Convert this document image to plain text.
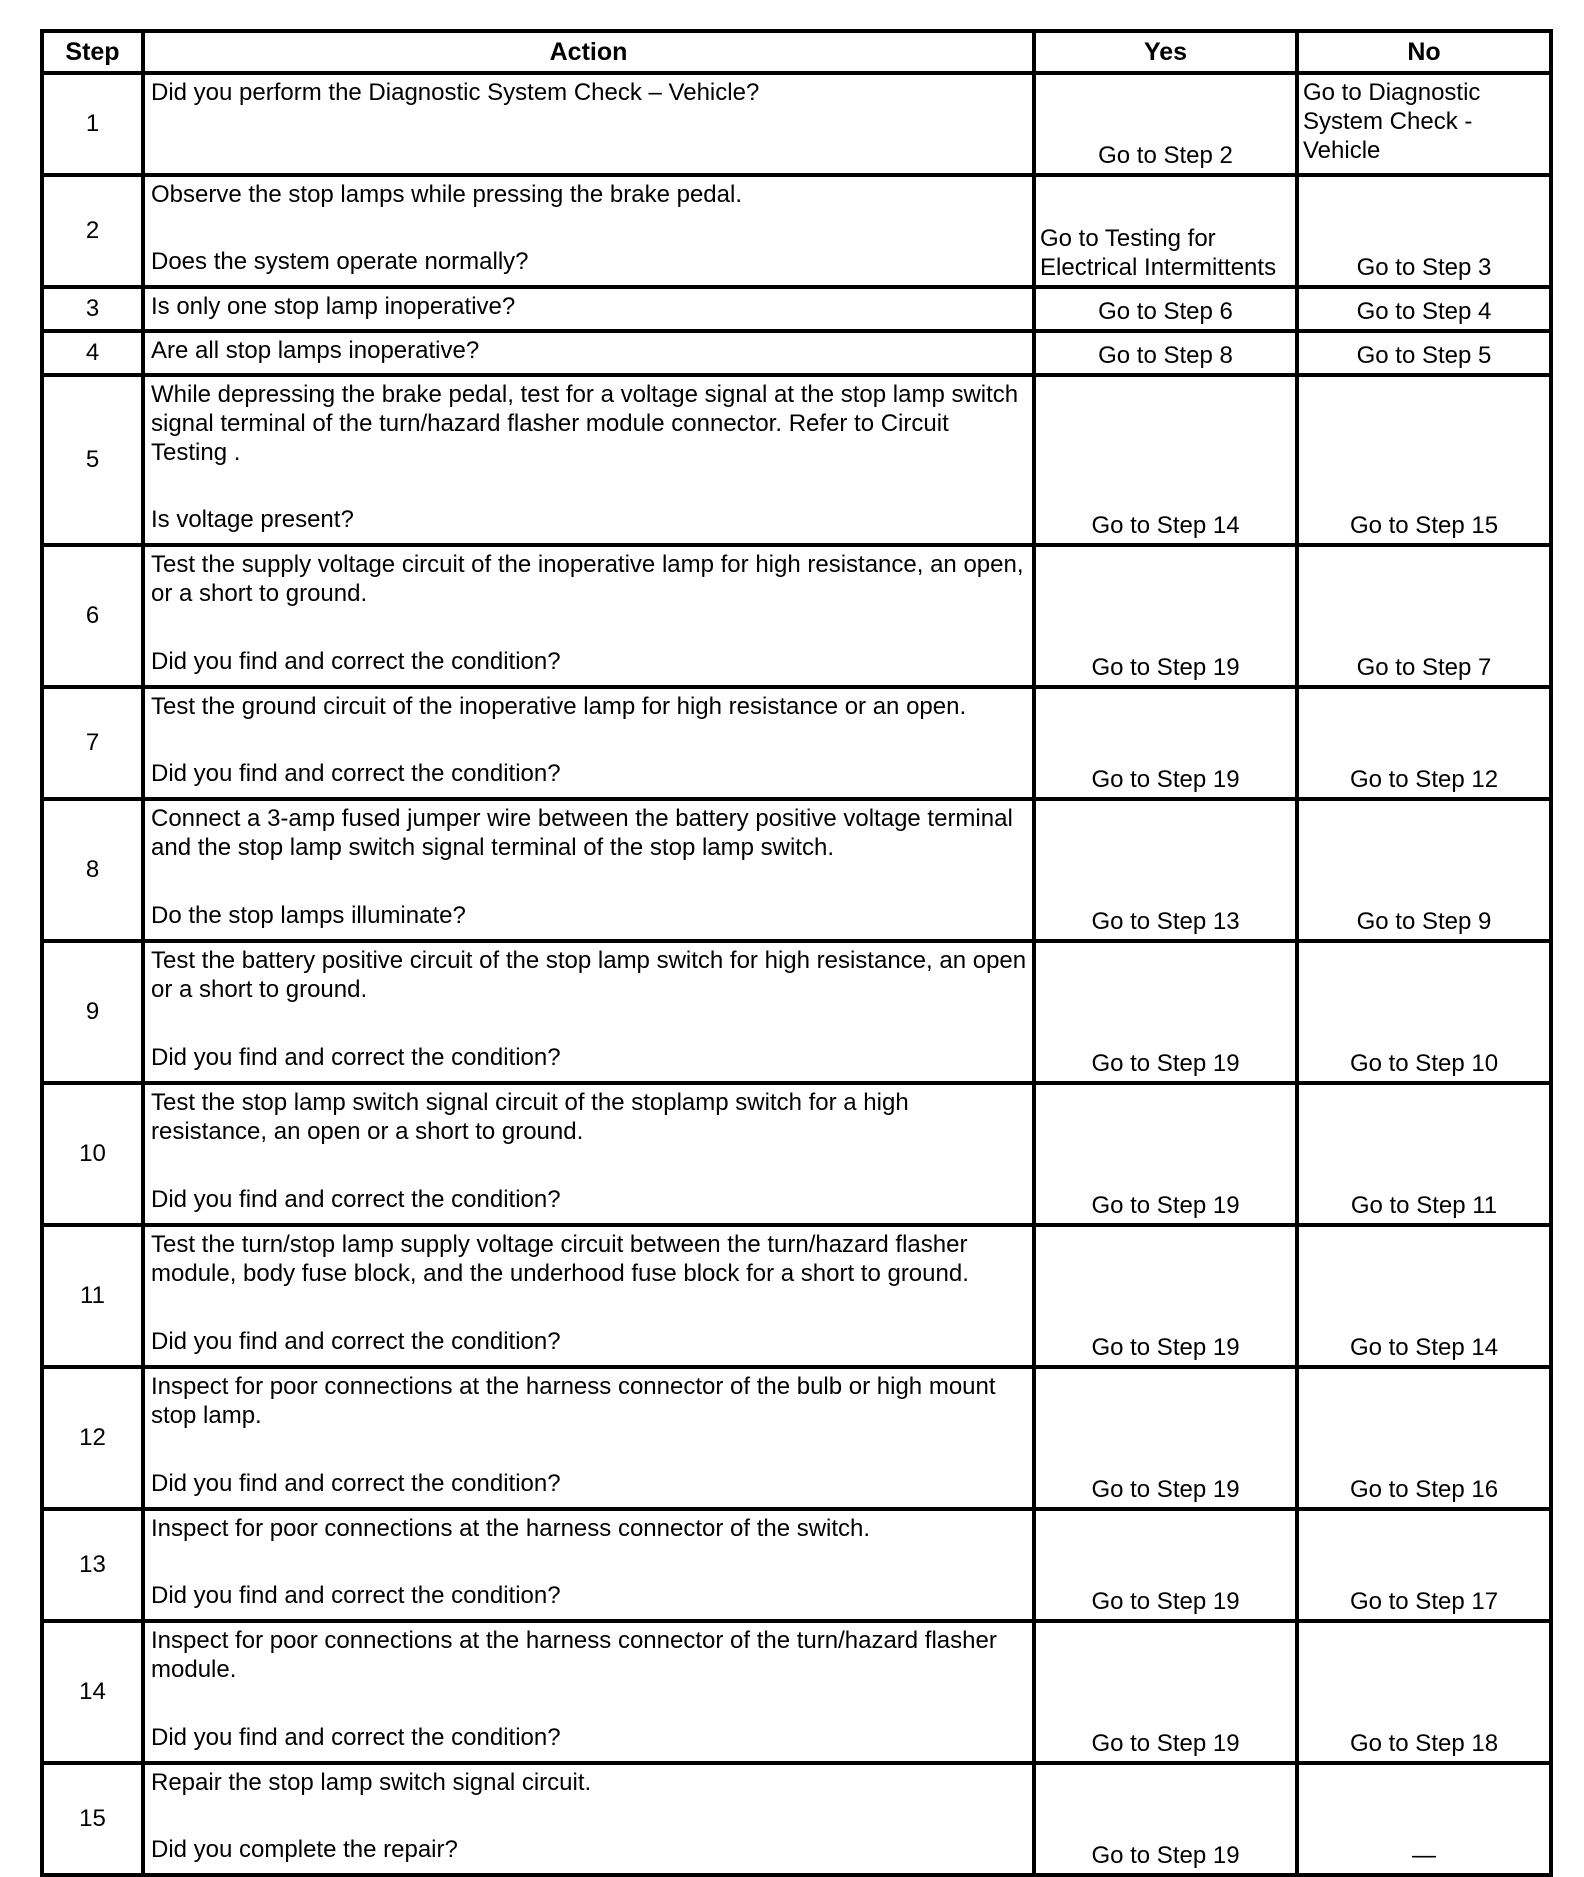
Step	Action	Yes	No
1	Did you perform the Diagnostic System Check – Vehicle?	Go to Step 2	Go to Diagnostic
System Check -
Vehicle

2	Observe the stop lamps while pressing the brake pedal.
Does the system operate normally?	Go to Testing for
Electrical Intermittents	Go to Step 3

3	Is only one stop lamp inoperative?	Go to Step 6	Go to Step 4

4	Are all stop lamps inoperative?	Go to Step 8	Go to Step 5

5	While depressing the brake pedal, test for a voltage signal at the stop lamp switch signal terminal of the turn/hazard flasher module connector. Refer to Circuit Testing .
Is voltage present?	Go to Step 14	Go to Step 15

6	Test the supply voltage circuit of the inoperative lamp for high resistance, an open, or a short to ground.
Did you find and correct the condition?	Go to Step 19	Go to Step 7

7	Test the ground circuit of the inoperative lamp for high resistance or an open.
Did you find and correct the condition?	Go to Step 19	Go to Step 12

8	Connect a 3-amp fused jumper wire between the battery positive voltage terminal and the stop lamp switch signal terminal of the stop lamp switch.
Do the stop lamps illuminate?	Go to Step 13	Go to Step 9

9	Test the battery positive circuit of the stop lamp switch for high resistance, an open or a short to ground.
Did you find and correct the condition?	Go to Step 19	Go to Step 10

10	Test the stop lamp switch signal circuit of the stoplamp switch for a high resistance, an open or a short to ground.
Did you find and correct the condition?	Go to Step 19	Go to Step 11

11	Test the turn/stop lamp supply voltage circuit between the turn/hazard flasher module, body fuse block, and the underhood fuse block for a short to ground.
Did you find and correct the condition?	Go to Step 19	Go to Step 14

12	Inspect for poor connections at the harness connector of the bulb or high mount stop lamp.
Did you find and correct the condition?	Go to Step 19	Go to Step 16

13	Inspect for poor connections at the harness connector of the switch.
Did you find and correct the condition?	Go to Step 19	Go to Step 17

14	Inspect for poor connections at the harness connector of the turn/hazard flasher module.
Did you find and correct the condition?	Go to Step 19	Go to Step 18

15	Repair the stop lamp switch signal circuit.
Did you complete the repair?	Go to Step 19	—
